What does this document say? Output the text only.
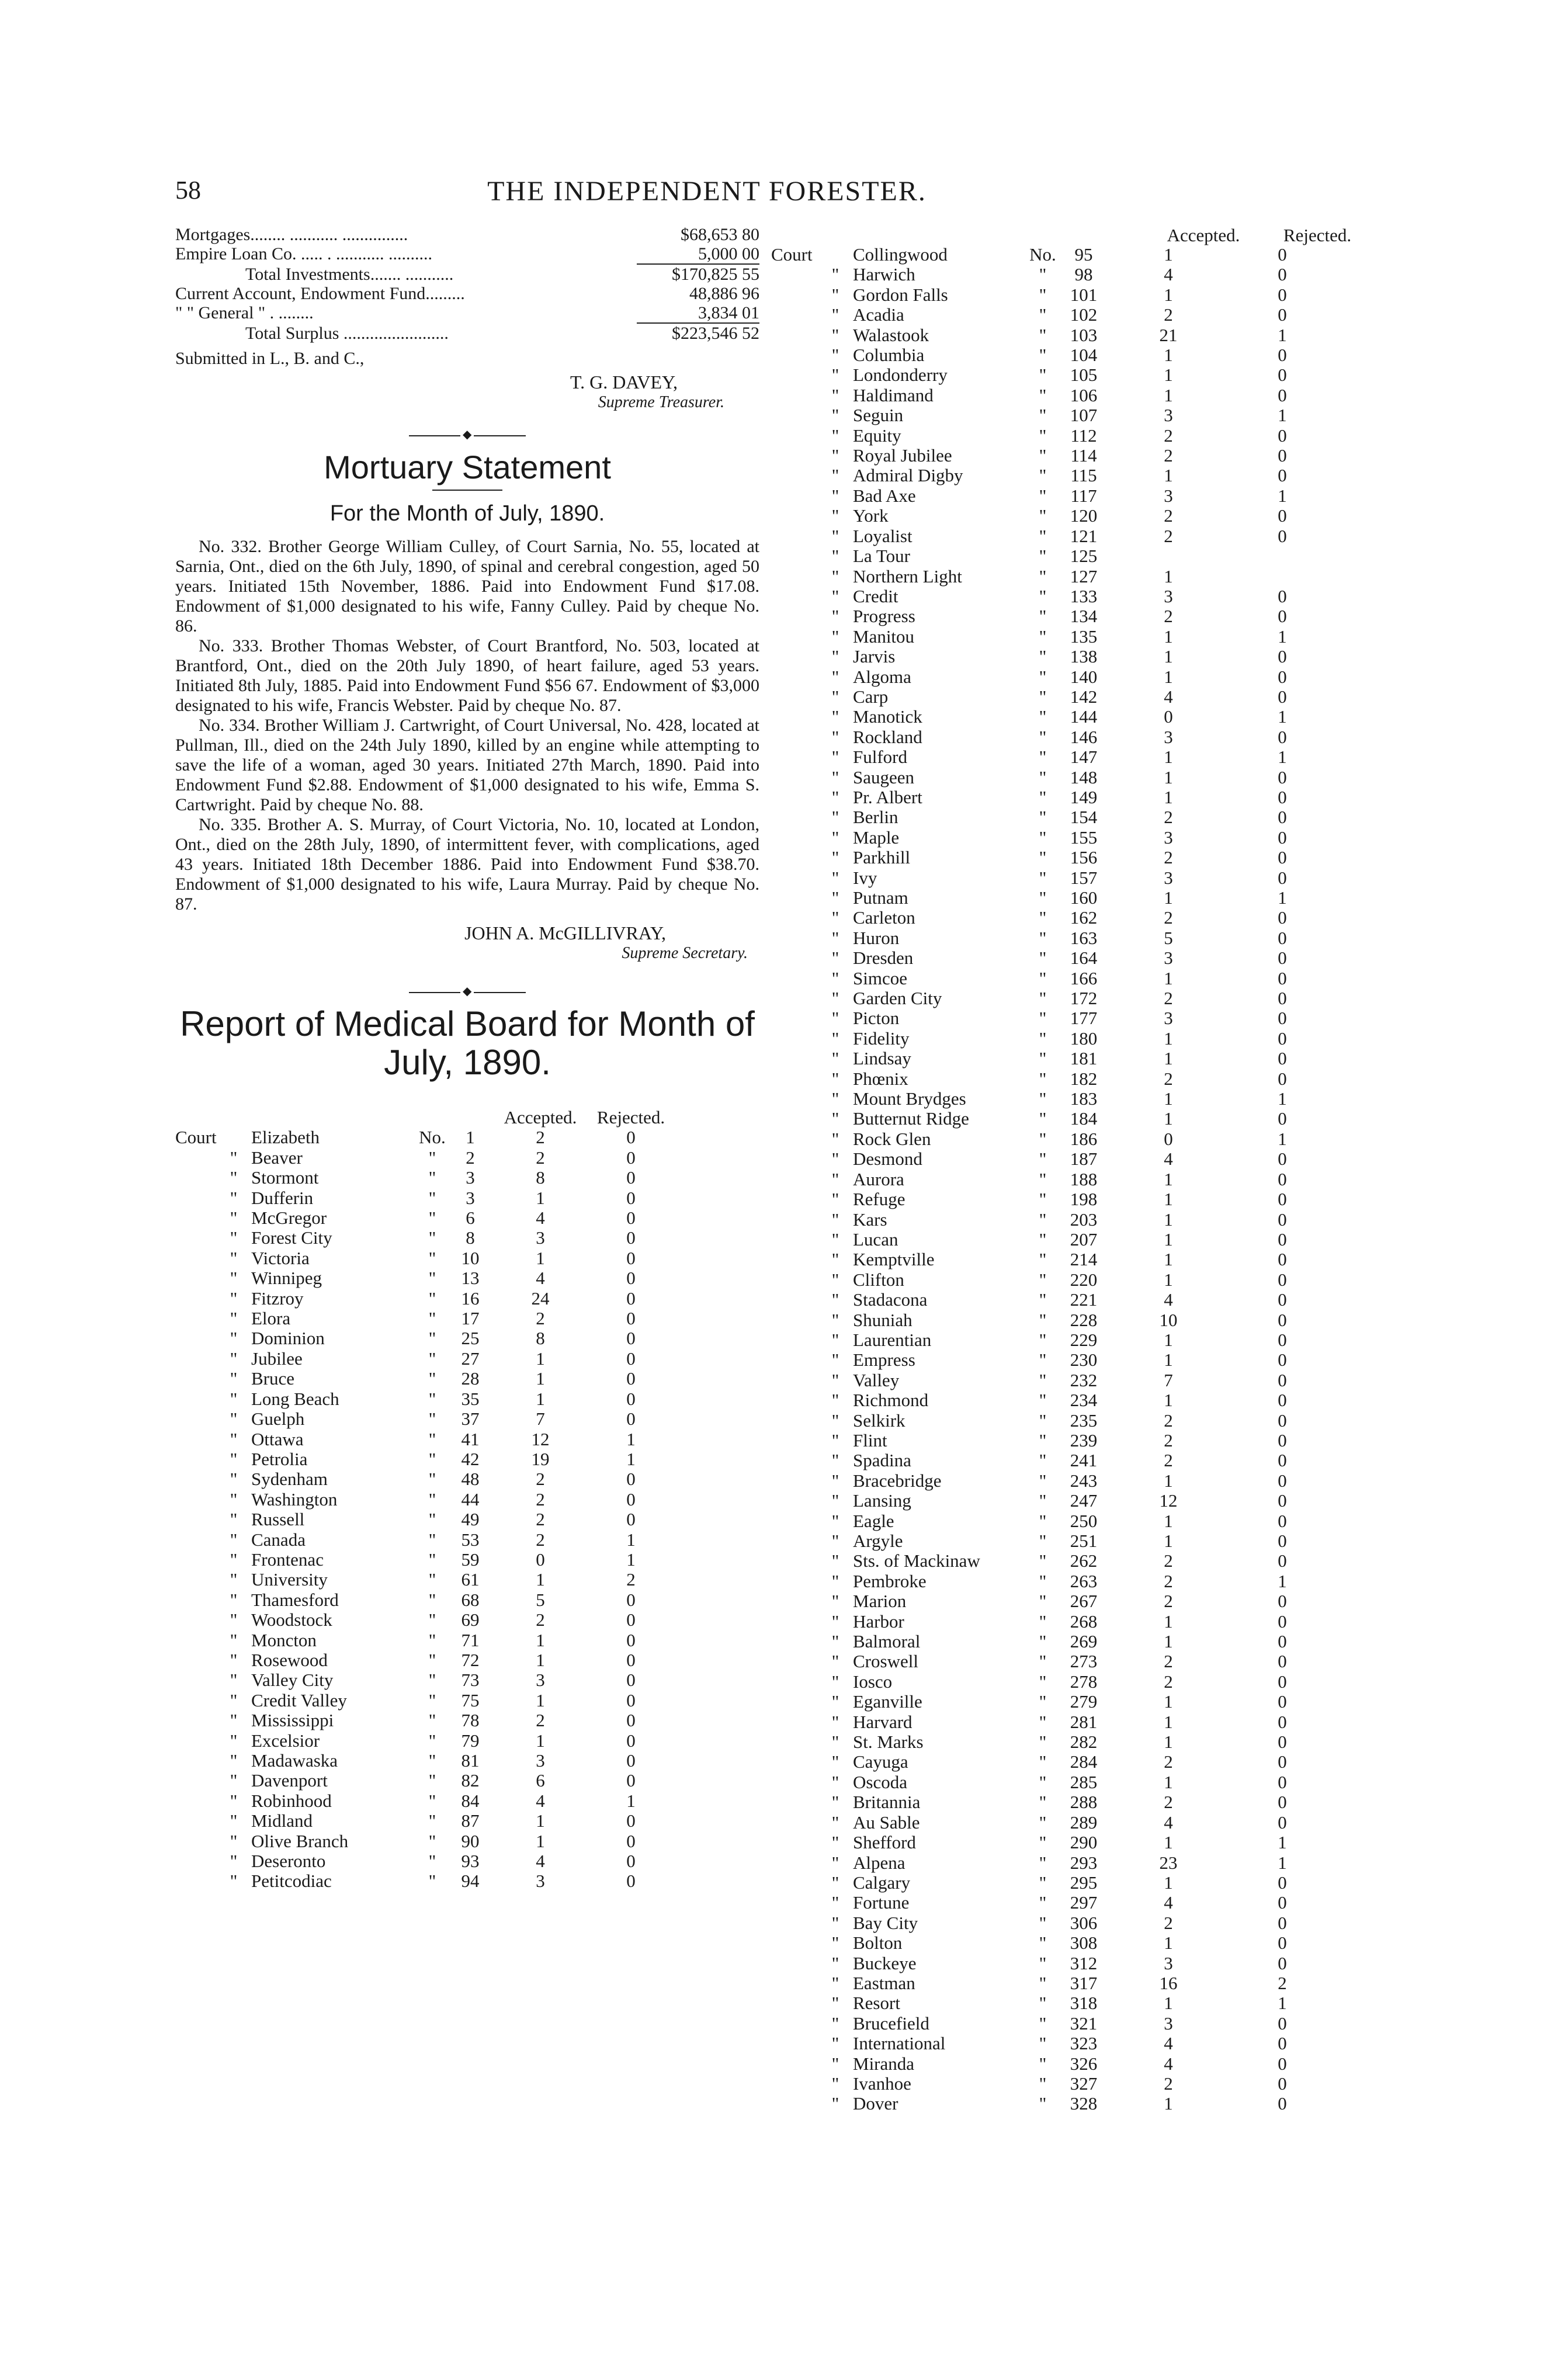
58	THE INDEPENDENT FORESTER.
Mortgages........ ........... ...............	$68,653 80
Empire Loan Co. ..... . ........... ..........	5,000 00
Total Investments....... ...........	$170,825 55
Current Account, Endowment Fund.........	48,886 96
" " General " . ........	3,834 01
Total Surplus ........................	$223,546 52
Submitted in L., B. and C.,
T. G. DAVEY,
Supreme Treasurer.
◆
Mortuary Statement
For the Month of July, 1890.

No. 332. Brother George William Culley, of Court Sarnia, No. 55, located at Sarnia, Ont., died on the 6th July, 1890, of spinal and cerebral congestion, aged 50 years. Initiated 15th November, 1886. Paid into Endowment Fund $17.08. Endowment of $1,000 designated to his wife, Fanny Culley. Paid by cheque No. 86.

No. 333. Brother Thomas Webster, of Court Brantford, No. 503, located at Brantford, Ont., died on the 20th July 1890, of heart failure, aged 53 years. Initiated 8th July, 1885. Paid into Endowment Fund $56 67. Endowment of $3,000 designated to his wife, Francis Webster. Paid by cheque No. 87.

No. 334. Brother William J. Cartwright, of Court Universal, No. 428, located at Pullman, Ill., died on the 24th July 1890, killed by an engine while attempting to save the life of a woman, aged 30 years. Initiated 27th March, 1890. Paid into Endowment Fund $2.88. Endowment of $1,000 designated to his wife, Emma S. Cartwright. Paid by cheque No. 88.

No. 335. Brother A. S. Murray, of Court Victoria, No. 10, located at London, Ont., died on the 28th July, 1890, of intermittent fever, with complications, aged 43 years. Initiated 18th December 1886. Paid into Endowment Fund $38.70. Endowment of $1,000 designated to his wife, Laura Murray. Paid by cheque No. 87.

JOHN A. McGILLIVRAY,
Supreme Secretary.
◆
Report of Medical Board for Month of July, 1890.
Accepted.	Rejected.
Court Elizabeth	No.	1	2	0
" Beaver	"	2	2	0
" Stormont	"	3	8	0
" Dufferin	"	3	1	0
" McGregor	"	6	4	0
" Forest City	"	8	3	0
" Victoria	"	10	1	0
" Winnipeg	"	13	4	0
" Fitzroy	"	16	24	0
" Elora	"	17	2	0
" Dominion	"	25	8	0
" Jubilee	"	27	1	0
" Bruce	"	28	1	0
" Long Beach	"	35	1	0
" Guelph	"	37	7	0
" Ottawa	"	41	12	1
" Petrolia	"	42	19	1
" Sydenham	"	48	2	0
" Washington	"	44	2	0
" Russell	"	49	2	0
" Canada	"	53	2	1
" Frontenac	"	59	0	1
" University	"	61	1	2
" Thamesford	"	68	5	0
" Woodstock	"	69	2	0
" Moncton	"	71	1	0
" Rosewood	"	72	1	0
" Valley City	"	73	3	0
" Credit Valley	"	75	1	0
" Mississippi	"	78	2	0
" Excelsior	"	79	1	0
" Madawaska	"	81	3	0
" Davenport	"	82	6	0
" Robinhood	"	84	4	1
" Midland	"	87	1	0
" Olive Branch	"	90	1	0
" Deseronto	"	93	4	0
" Petitcodiac	"	94	3	0
Accepted.	Rejected.
Court	Collingwood	No.	95	1	0
" Harwich	"	98	4	0
" Gordon Falls	"	101	1	0
" Acadia	"	102	2	0
" Walastook	"	103	21	1
" Columbia	"	104	1	0
" Londonderry	"	105	1	0
" Haldimand	"	106	1	0
" Seguin	"	107	3	1
" Equity	"	112	2	0
" Royal Jubilee	"	114	2	0
" Admiral Digby	"	115	1	0
" Bad Axe	"	117	3	1
" York	"	120	2	0
" Loyalist	"	121	2	0
" La Tour	"	125
" Northern Light	"	127	1
" Credit	"	133	3	0
" Progress	"	134	2	0
" Manitou	"	135	1	1
" Jarvis	"	138	1	0
" Algoma	"	140	1	0
" Carp	"	142	4	0
" Manotick	"	144	0	1
" Rockland	"	146	3	0
" Fulford	"	147	1	1
" Saugeen	"	148	1	0
" Pr. Albert	"	149	1	0
" Berlin	"	154	2	0
" Maple	"	155	3	0
" Parkhill	"	156	2	0
" Ivy	"	157	3	0
" Putnam	"	160	1	1
" Carleton	"	162	2	0
" Huron	"	163	5	0
" Dresden	"	164	3	0
" Simcoe	"	166	1	0
" Garden City	"	172	2	0
" Picton	"	177	3	0
" Fidelity	"	180	1	0
" Lindsay	"	181	1	0
" Phœnix	"	182	2	0
" Mount Brydges	"	183	1	1
" Butternut Ridge	"	184	1	0
" Rock Glen	"	186	0	1
" Desmond	"	187	4	0
" Aurora	"	188	1	0
" Refuge	"	198	1	0
" Kars	"	203	1	0
" Lucan	"	207	1	0
" Kemptville	"	214	1	0
" Clifton	"	220	1	0
" Stadacona	"	221	4	0
" Shuniah	"	228	10	0
" Laurentian	"	229	1	0
" Empress	"	230	1	0
" Valley	"	232	7	0
" Richmond	"	234	1	0
" Selkirk	"	235	2	0
" Flint	"	239	2	0
" Spadina	"	241	2	0
" Bracebridge	"	243	1	0
" Lansing	"	247	12	0
" Eagle	"	250	1	0
" Argyle	"	251	1	0
" Sts. of Mackinaw	"	262	2	0
" Pembroke	"	263	2	1
" Marion	"	267	2	0
" Harbor	"	268	1	0
" Balmoral	"	269	1	0
" Croswell	"	273	2	0
" Iosco	"	278	2	0
" Eganville	"	279	1	0
" Harvard	"	281	1	0
" St. Marks	"	282	1	0
" Cayuga	"	284	2	0
" Oscoda	"	285	1	0
" Britannia	"	288	2	0
" Au Sable	"	289	4	0
" Shefford	"	290	1	1
" Alpena	"	293	23	1
" Calgary	"	295	1	0
" Fortune	"	297	4	0
" Bay City	"	306	2	0
" Bolton	"	308	1	0
" Buckeye	"	312	3	0
" Eastman	"	317	16	2
" Resort	"	318	1	1
" Brucefield	"	321	3	0
" International	"	323	4	0
" Miranda	"	326	4	0
" Ivanhoe	"	327	2	0
" Dover	"	328	1	0
